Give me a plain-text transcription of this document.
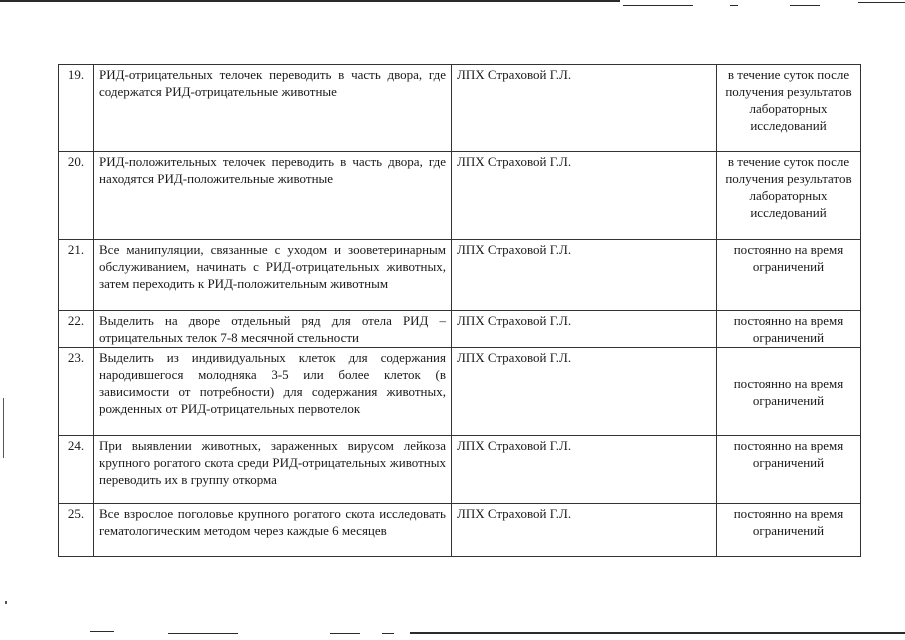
19.	РИД-отрицательных телочек переводить в часть двора, где содержатся РИД-отрицательные животные	ЛПХ Страховой Г.Л.	в течение суток после получения результатов лабораторных исследований
20.	РИД-положительных телочек переводить в часть двора, где находятся РИД-положительные животные	ЛПХ Страховой Г.Л.	в течение суток после получения результатов лабораторных исследований
21.	Все манипуляции, связанные с уходом и зооветеринарным обслуживанием, начинать с РИД-отрицательных животных, затем переходить к РИД-положительным животным	ЛПХ Страховой Г.Л.	постоянно на время ограничений
22.	Выделить на дворе отдельный ряд для отела РИД – отрицательных телок 7-8 месячной стельности	ЛПХ Страховой Г.Л.	постоянно на время ограничений
23.	Выделить из индивидуальных клеток для содержания народившегося молодняка 3-5 или более клеток (в зависимости от потребности) для содержания животных, рожденных от РИД-отрицательных первотелок	ЛПХ Страховой Г.Л.	постоянно на время ограничений
24.	При выявлении животных, зараженных вирусом лейкоза крупного рогатого скота среди РИД-отрицательных животных переводить их в группу откорма	ЛПХ Страховой Г.Л.	постоянно на время ограничений
25.	Все взрослое поголовье крупного рогатого скота исследовать гематологическим методом через каждые 6 месяцев	ЛПХ Страховой Г.Л.	постоянно на время ограничений
